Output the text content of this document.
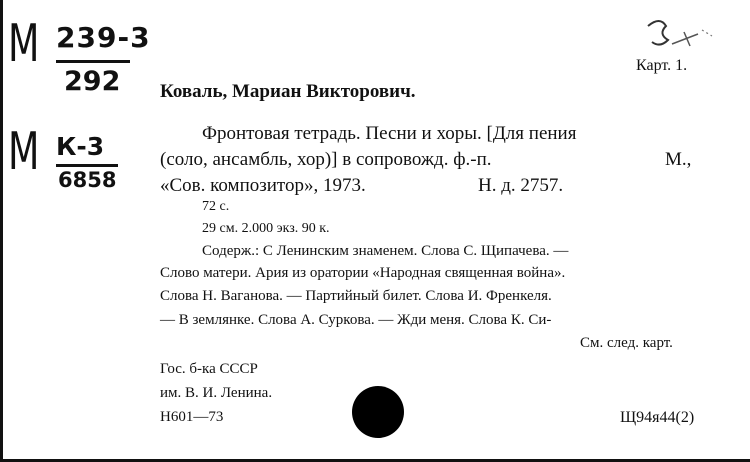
М 239-3
292
М К-3
6858
Карт. 1.
Коваль, Мариан Викторович.
Фронтовая тетрадь. Песни и хоры. [Для пения
(соло, ансамбль, хор)] в сопровожд. ф.-п.	М.,
«Сов. композитор», 1973.	Н. д. 2757.
72 с.
29 см. 2.000 экз. 90 к.
Содерж.: С Ленинским знаменем. Слова С. Щипачева. —
Слово матери. Ария из оратории «Народная священная война».
Слова Н. Ваганова. — Партийный билет. Слова И. Френкеля.
— В землянке. Слова А. Суркова. — Жди меня. Слова К. Си-
См. след. карт.
Гос. б-ка СССР
им. В. И. Ленина.
Н601—73	Щ94я44(2)
